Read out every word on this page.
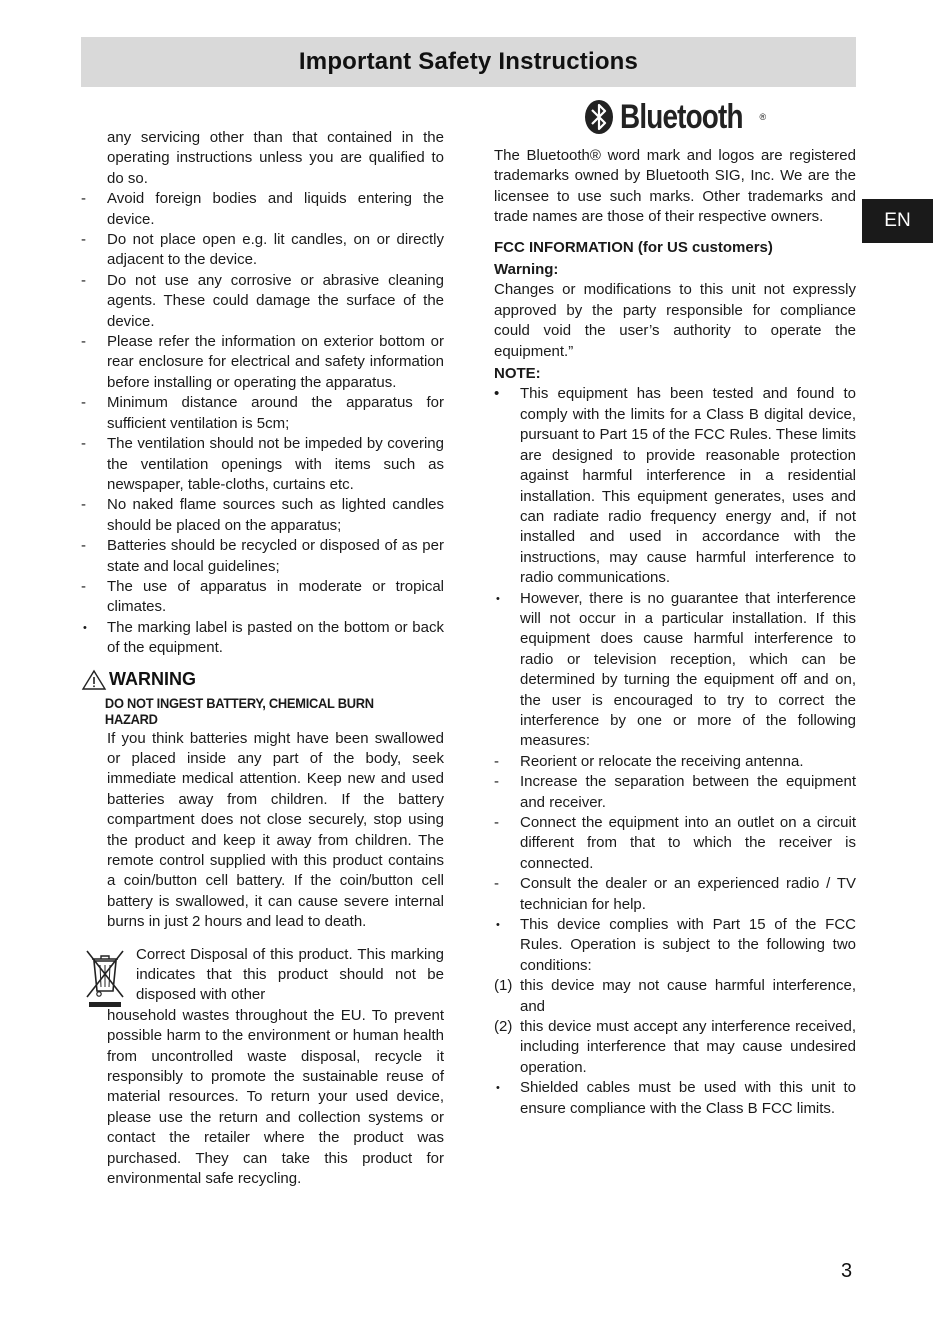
Important Safety Instructions
EN

any servicing other than that contained in the operating instructions unless you are qualified to do so.

-	Avoid foreign bodies and liquids entering the device.

-	Do not place open e.g. lit candles, on or directly adjacent to the device.

-	Do not use any corrosive or abrasive cleaning agents. These could damage the surface of the device.

-	Please refer the information on exterior bottom or rear enclosure for electrical and safety information before installing or operating the apparatus.

-	Minimum distance around the apparatus for sufficient ventilation is 5cm;

-	The ventilation should not be impeded by covering the ventilation openings with items such as newspaper, table-cloths, curtains etc.

-	No naked flame sources such as lighted candles should be placed on the apparatus;

-	Batteries should be recycled or disposed of as per state and local guidelines;

-	The use of apparatus in moderate or tropical climates.

•	The marking label is pasted on the bottom or back of the equipment.

WARNING

DO NOT INGEST BATTERY, CHEMICAL BURN HAZARD

If you think batteries might have been swallowed or placed inside any part of the body, seek immediate medical attention. Keep new and used batteries away from children. If the battery compartment does not close securely, stop using the product and keep it away from children. The remote control supplied with this product contains a coin/button cell battery. If the coin/button cell battery is swallowed, it can cause severe internal burns in just 2 hours and lead to death.

Correct Disposal of this product. This marking indicates that this product should not be disposed with other

household wastes throughout the EU. To prevent possible harm to the environment or human health from uncontrolled waste disposal, recycle it responsibly to promote the sustainable reuse of material resources. To return your used device, please use the return and collection systems or contact the retailer where the product was purchased. They can take this product for environmental safe recycling.

Bluetooth ®

The Bluetooth® word mark and logos are registered trademarks owned by Bluetooth SIG, Inc. We are the licensee to use such marks. Other trademarks and trade names are those of their respective owners.

FCC INFORMATION (for US customers)

Warning:

Changes or modifications to this unit not expressly approved by the party responsible for compliance could void the user’s authority to operate the equipment.”

NOTE:

•	This equipment has been tested and found to comply with the limits for a Class B digital device, pursuant to Part 15 of the FCC Rules. These limits are designed to provide reasonable protection against harmful interference in a residential installation. This equipment generates, uses and can radiate radio frequency energy and, if not installed and used in accordance with the instructions, may cause harmful interference to radio communications.

•	However, there is no guarantee that interference will not occur in a particular installation. If this equipment does cause harmful interference to radio or television reception, which can be determined by turning the equipment off and on, the user is encouraged to try to correct the interference by one or more of the following measures:

-	Reorient or relocate the receiving antenna.

-	Increase the separation between the equipment and receiver.

-	Connect the equipment into an outlet on a circuit different from that to which the receiver is connected.

-	Consult the dealer or an experienced radio / TV technician for help.

•	This device complies with Part 15 of the FCC Rules. Operation is subject to the following two conditions:

(1) this device may not cause harmful interference, and

(2) this device must accept any interference received, including interference that may cause undesired operation.

•	Shielded cables must be used with this unit to ensure compliance with the Class B FCC limits.

3
